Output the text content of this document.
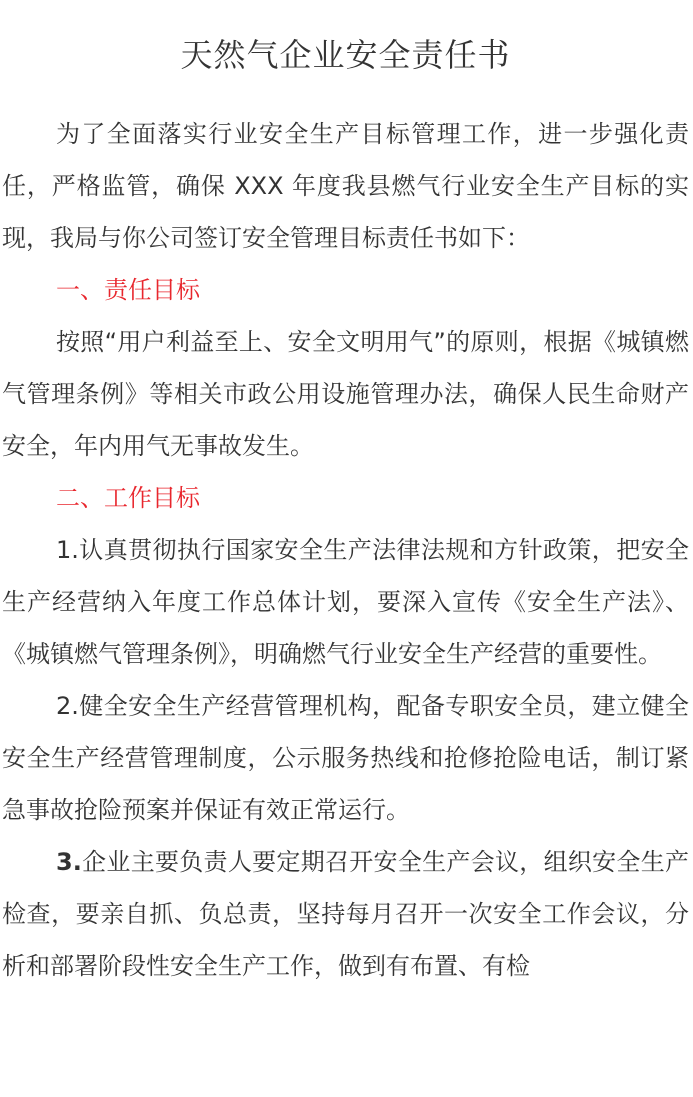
天然气企业安全责任书

为了全面落实行业安全生产目标管理工作，进一步强化责任，严格监管，确保 XXX 年度我县燃气行业安全生产目标的实现，我局与你公司签订安全管理目标责任书如下：

一、责任目标

按照“用户利益至上、安全文明用气”的原则，根据《城镇燃气管理条例》等相关市政公用设施管理办法，确保人民生命财产安全，年内用气无事故发生。

二、工作目标

1.认真贯彻执行国家安全生产法律法规和方针政策，把安全生产经营纳入年度工作总体计划，要深入宣传《安全生产法》、《城镇燃气管理条例》，明确燃气行业安全生产经营的重要性。

2.健全安全生产经营管理机构，配备专职安全员，建立健全安全生产经营管理制度，公示服务热线和抢修抢险电话，制订紧急事故抢险预案并保证有效正常运行。

3.企业主要负责人要定期召开安全生产会议，组织安全生产检查，要亲自抓、负总责，坚持每月召开一次安全工作会议，分析和部署阶段性安全生产工作，做到有布置、有检
